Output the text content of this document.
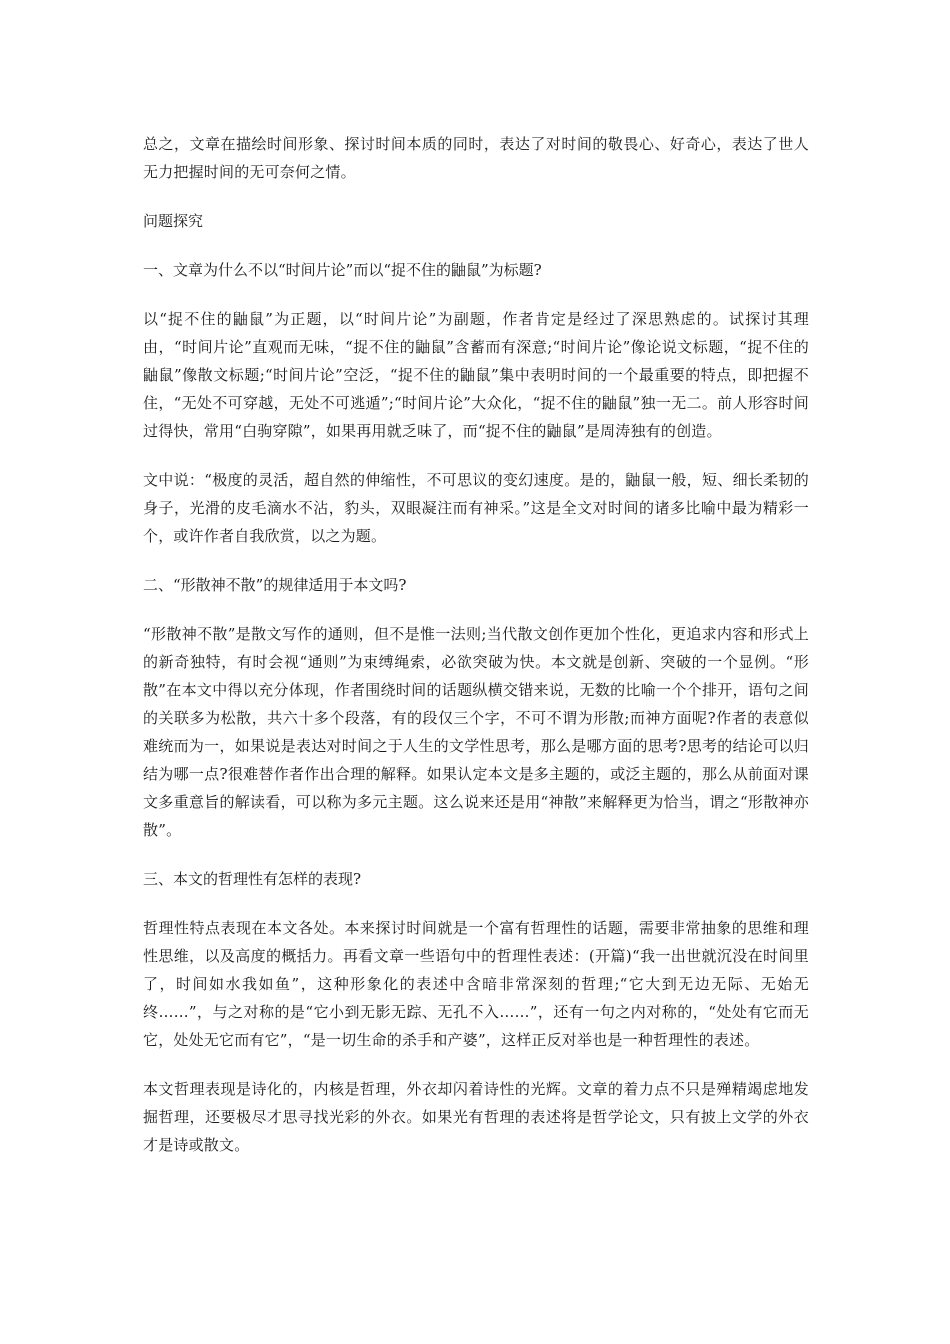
总之，文章在描绘时间形象、探讨时间本质的同时，表达了对时间的敬畏心、好奇心，表达了世人无力把握时间的无可奈何之情。

问题探究

一、文章为什么不以“时间片论”而以“捉不住的鼬鼠”为标题?

以“捉不住的鼬鼠”为正题，以“时间片论”为副题，作者肯定是经过了深思熟虑的。试探讨其理由，“时间片论”直观而无味，“捉不住的鼬鼠”含蓄而有深意;“时间片论”像论说文标题，“捉不住的鼬鼠”像散文标题;“时间片论”空泛，“捉不住的鼬鼠”集中表明时间的一个最重要的特点，即把握不住，“无处不可穿越，无处不可逃遁”;“时间片论”大众化，“捉不住的鼬鼠”独一无二。前人形容时间过得快，常用“白驹穿隙”，如果再用就乏味了，而“捉不住的鼬鼠”是周涛独有的创造。

文中说：“极度的灵活，超自然的伸缩性，不可思议的变幻速度。是的，鼬鼠一般，短、细长柔韧的身子，光滑的皮毛滴水不沾，豹头，双眼凝注而有神采。”这是全文对时间的诸多比喻中最为精彩一个，或许作者自我欣赏，以之为题。

二、“形散神不散”的规律适用于本文吗?

“形散神不散”是散文写作的通则，但不是惟一法则;当代散文创作更加个性化，更追求内容和形式上的新奇独特，有时会视“通则”为束缚绳索，必欲突破为快。本文就是创新、突破的一个显例。“形散”在本文中得以充分体现，作者围绕时间的话题纵横交错来说，无数的比喻一个个排开，语句之间的关联多为松散，共六十多个段落，有的段仅三个字，不可不谓为形散;而神方面呢?作者的表意似难统而为一，如果说是表达对时间之于人生的文学性思考，那么是哪方面的思考?思考的结论可以归结为哪一点?很难替作者作出合理的解释。如果认定本文是多主题的，或泛主题的，那么从前面对课文多重意旨的解读看，可以称为多元主题。这么说来还是用“神散”来解释更为恰当，谓之“形散神亦散”。

三、本文的哲理性有怎样的表现?

哲理性特点表现在本文各处。本来探讨时间就是一个富有哲理性的话题，需要非常抽象的思维和理性思维，以及高度的概括力。再看文章一些语句中的哲理性表述：(开篇)“我一出世就沉没在时间里了，时间如水我如鱼”，这种形象化的表述中含暗非常深刻的哲理;“它大到无边无际、无始无终……”，与之对称的是“它小到无影无踪、无孔不入……”，还有一句之内对称的，“处处有它而无它，处处无它而有它”，“是一切生命的杀手和产婆”，这样正反对举也是一种哲理性的表述。

本文哲理表现是诗化的，内核是哲理，外衣却闪着诗性的光辉。文章的着力点不只是殚精竭虑地发掘哲理，还要极尽才思寻找光彩的外衣。如果光有哲理的表述将是哲学论文，只有披上文学的外衣才是诗或散文。
